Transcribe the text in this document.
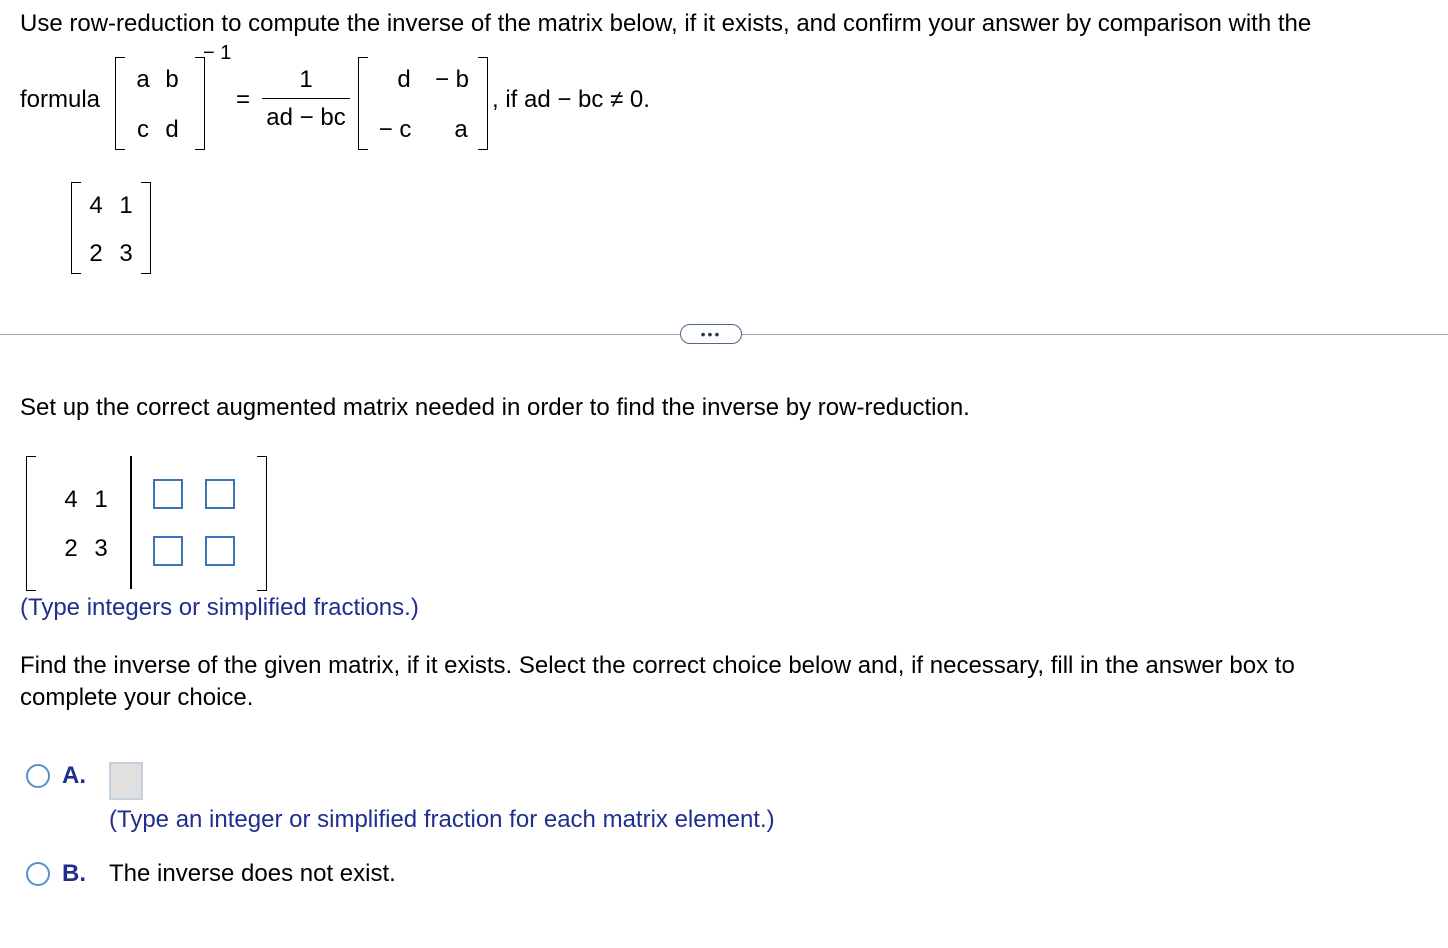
Use row-reduction to compute the inverse of the matrix below, if it exists, and confirm your answer by comparison with the
formula
a b
c d
− 1
=
1
ad − bc
d − b
− c a
, if ad − bc ≠ 0.
4 1
2 3
•••
Set up the correct augmented matrix needed in order to find the inverse by row-reduction.
4 1
2 3
(Type integers or simplified fractions.)
Find the inverse of the given matrix, if it exists. Select the correct choice below and, if necessary, fill in the answer box to
complete your choice.
A.
(Type an integer or simplified fraction for each matrix element.)
B. The inverse does not exist.
